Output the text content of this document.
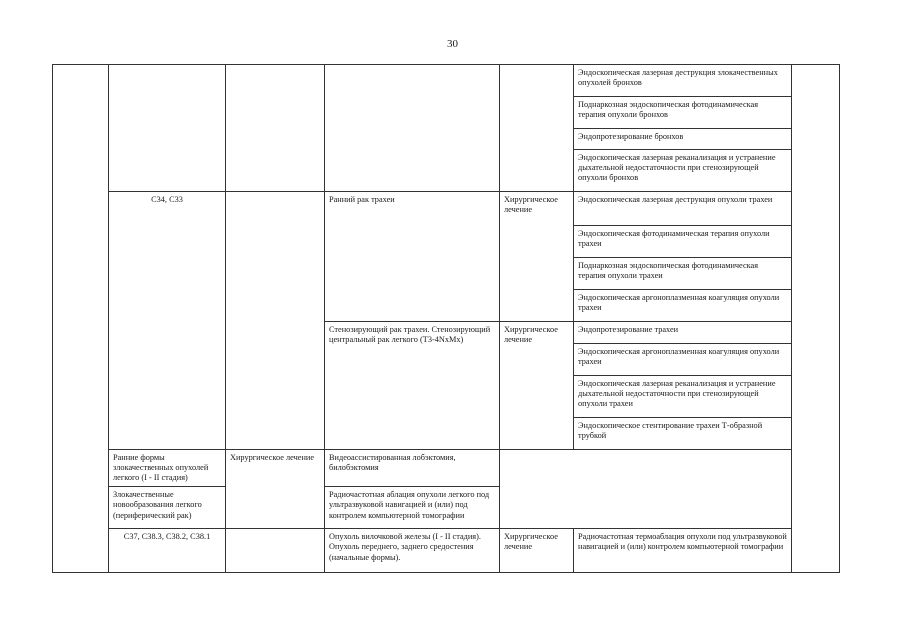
30
					Эндоскопическая лазерная деструкция злокачественных опухолей бронхов	
					Поднаркозная эндоскопическая фотодинамическая терапия опухоли бронхов	
					Эндопротезирование бронхов	
					Эндоскопическая лазерная реканализация и устранение дыхательной недостаточности при стенозирующей опухоли бронхов	
	C34, C33		Ранний рак трахеи	Хирургическое лечение	Эндоскопическая лазерная деструкция опухоли трахеи	
					Эндоскопическая фотодинамическая терапия опухоли трахеи	
					Поднаркозная эндоскопическая фотодинамическая терапия опухоли трахеи	
					Эндоскопическая аргоноплазменная коагуляция опухоли трахеи	
			Стенозирующий рак трахеи. Стенозирующий центральный рак легкого (T3-4NxMx)	Хирургическое лечение	Эндопротезирование трахеи	
					Эндоскопическая аргоноплазменная коагуляция опухоли трахеи	
					Эндоскопическая лазерная реканализация и устранение дыхательной недостаточности при стенозирующей опухоли трахеи	
					Эндоскопическое стентирование трахеи Т-образной трубкой	
	Ранние формы злокачественных опухолей легкого (I - II стадия)	Хирургическое лечение	Видеоассистированная лобэктомия, билобэктомия			
	Злокачественные новообразования легкого (периферический рак)		Радиочастотная аблация опухоли легкого под ультразвуковой навигацией и (или) под контролем компьютерной томографии			
	C37, C38.3, C38.2, C38.1		Опухоль вилочковой железы (I - II стадия). Опухоль переднего, заднего средостения (начальные формы).	Хирургическое лечение	Радиочастотная термоаблация опухоли под ультразвуковой навигацией и (или) контролем компьютерной томографии	
